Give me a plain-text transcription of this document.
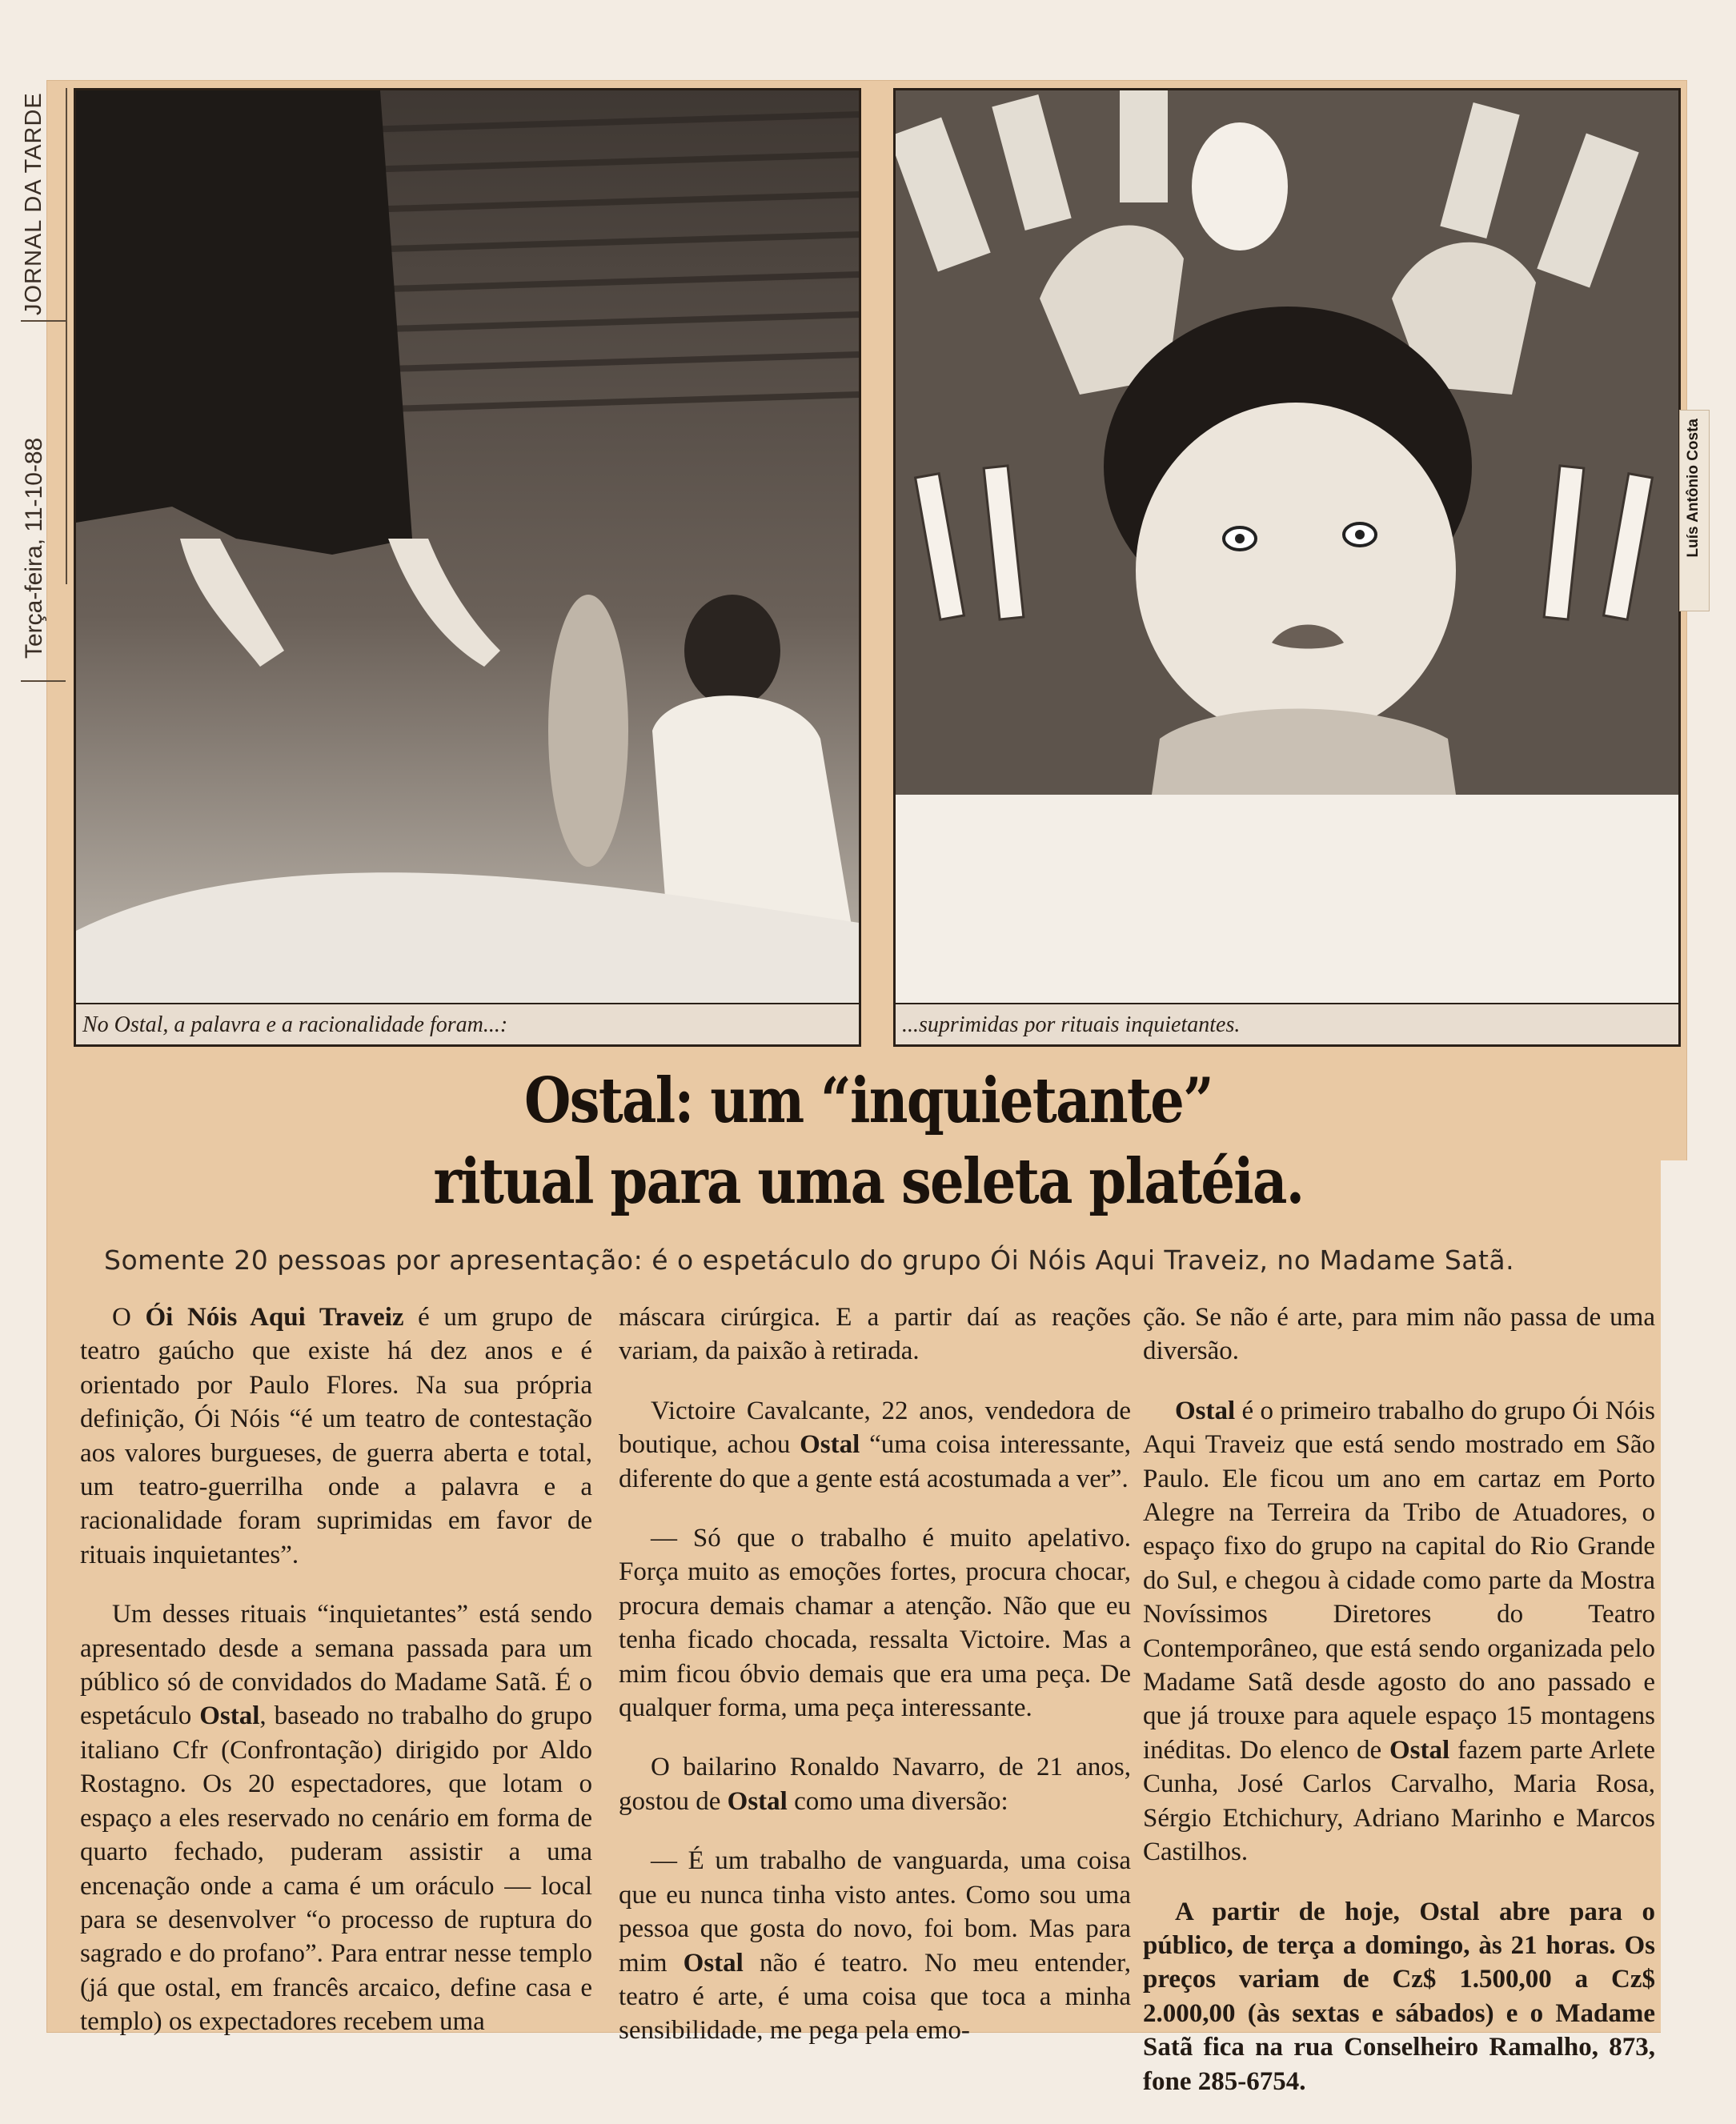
JORNAL DA TARDE
Terça-feira, 11-10-88
No Ostal, a palavra e a racionalidade foram...:	...suprimidas por rituais inquietantes.
Luís Antônio Costa
Ostal: um “inquietante”
ritual para uma seleta platéia.
Somente 20 pessoas por apresentação: é o espetáculo do grupo Ói Nóis Aqui Traveiz, no Madame Satã.

O Ói Nóis Aqui Traveiz é um grupo de teatro gaúcho que existe há dez anos e é orientado por Paulo Flores. Na sua própria definição, Ói Nóis “é um teatro de contestação aos valores burgueses, de guerra aberta e total, um teatro-guerrilha onde a palavra e a racionalidade foram suprimidas em favor de rituais inquietantes”.

Um desses rituais “inquietantes” está sendo apresentado desde a semana passada para um público só de convidados do Madame Satã. É o espetáculo Ostal, baseado no trabalho do grupo italiano Cfr (Confrontação) dirigido por Aldo Rostagno. Os 20 espectadores, que lotam o espaço a eles reservado no cenário em forma de quarto fechado, puderam assistir a uma encenação onde a cama é um oráculo — local para se desenvolver “o processo de ruptura do sagrado e do profano”. Para entrar nesse templo (já que ostal, em francês arcaico, define casa e templo) os expectadores recebem uma

máscara cirúrgica. E a partir daí as reações variam, da paixão à retirada.

Victoire Cavalcante, 22 anos, vendedora de boutique, achou Ostal “uma coisa interessante, diferente do que a gente está acostumada a ver”.

— Só que o trabalho é muito apelativo. Força muito as emoções fortes, procura chocar, procura demais chamar a atenção. Não que eu tenha ficado chocada, ressalta Victoire. Mas a mim ficou óbvio demais que era uma peça. De qualquer forma, uma peça interessante.

O bailarino Ronaldo Navarro, de 21 anos, gostou de Ostal como uma diversão:

— É um trabalho de vanguarda, uma coisa que eu nunca tinha visto antes. Como sou uma pessoa que gosta do novo, foi bom. Mas para mim Ostal não é teatro. No meu entender, teatro é arte, é uma coisa que toca a minha sensibilidade, me pega pela emo-

ção. Se não é arte, para mim não passa de uma diversão.

Ostal é o primeiro trabalho do grupo Ói Nóis Aqui Traveiz que está sendo mostrado em São Paulo. Ele ficou um ano em cartaz em Porto Alegre na Terreira da Tribo de Atuadores, o espaço fixo do grupo na capital do Rio Grande do Sul, e chegou à cidade como parte da Mostra Novíssimos Diretores do Teatro Contemporâneo, que está sendo organizada pelo Madame Satã desde agosto do ano passado e que já trouxe para aquele espaço 15 montagens inéditas. Do elenco de Ostal fazem parte Arlete Cunha, José Carlos Carvalho, Maria Rosa, Sérgio Etchichury, Adriano Marinho e Marcos Castilhos.

A partir de hoje, Ostal abre para o público, de terça a domingo, às 21 horas. Os preços variam de Cz$ 1.500,00 a Cz$ 2.000,00 (às sextas e sábados) e o Madame Satã fica na rua Conselheiro Ramalho, 873, fone 285-6754.
